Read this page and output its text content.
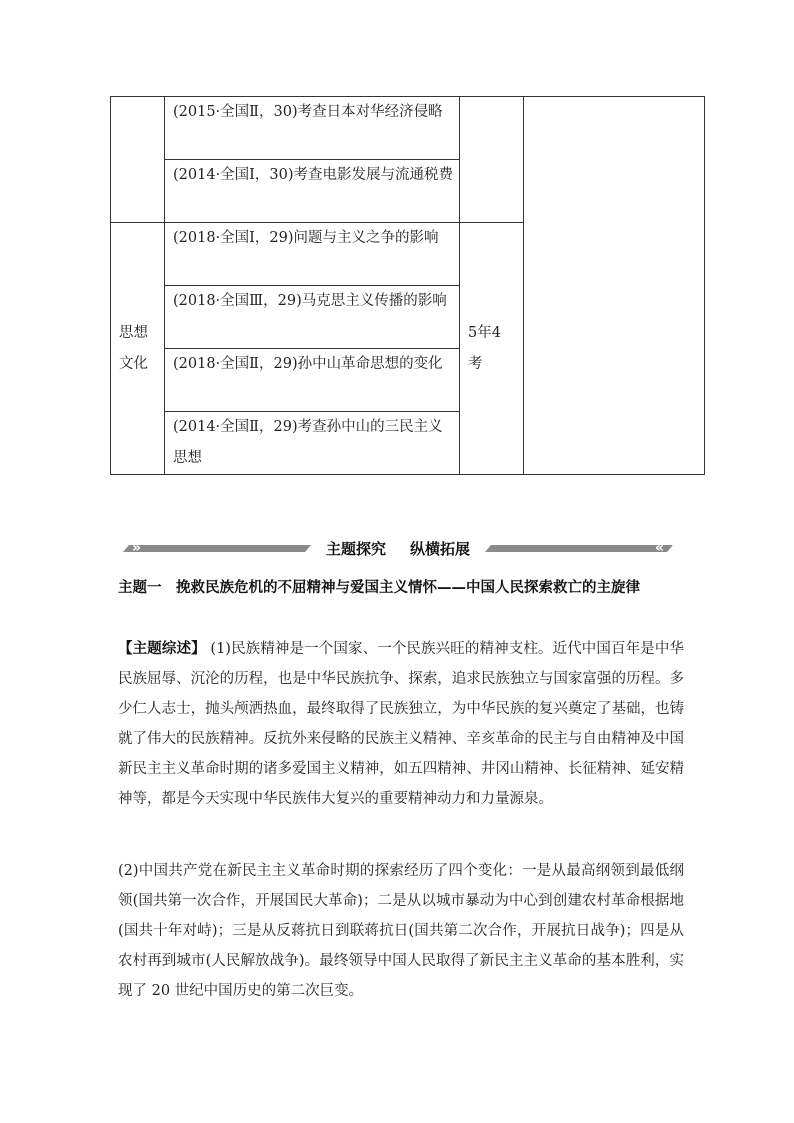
	(2015·全国Ⅱ，30)考查日本对华经济侵略	

	(2014·全国Ⅰ，30)考查电影发展与流通税费		

思想文化	(2018·全国Ⅰ，29)问题与主义之争的影响	5年4考	

	(2018·全国Ⅲ，29)马克思主义传播的影响		
	(2018·全国Ⅱ，29)孙中山革命思想的变化		
	(2014·全国Ⅱ，29)考查孙中山的三民主义思想		
»	«
主题探究 纵横拓展
主题一　挽救民族危机的不屈精神与爱国主义情怀——中国人民探索救亡的主旋律
【主题综述】 (1)民族精神是一个国家、一个民族兴旺的精神支柱。近代中国百年是中华民族屈辱、沉沦的历程，也是中华民族抗争、探索，追求民族独立与国家富强的历程。多少仁人志士，抛头颅洒热血，最终取得了民族独立，为中华民族的复兴奠定了基础，也铸就了伟大的民族精神。反抗外来侵略的民族主义精神、辛亥革命的民主与自由精神及中国新民主主义革命时期的诸多爱国主义精神，如五四精神、井冈山精神、长征精神、延安精神等，都是今天实现中华民族伟大复兴的重要精神动力和力量源泉。
(2)中国共产党在新民主主义革命时期的探索经历了四个变化：一是从最高纲领到最低纲领(国共第一次合作，开展国民大革命)；二是从以城市暴动为中心到创建农村革命根据地(国共十年对峙)；三是从反蒋抗日到联蒋抗日(国共第二次合作，开展抗日战争)；四是从农村再到城市(人民解放战争)。最终领导中国人民取得了新民主主义革命的基本胜利，实现了 20 世纪中国历史的第二次巨变。
